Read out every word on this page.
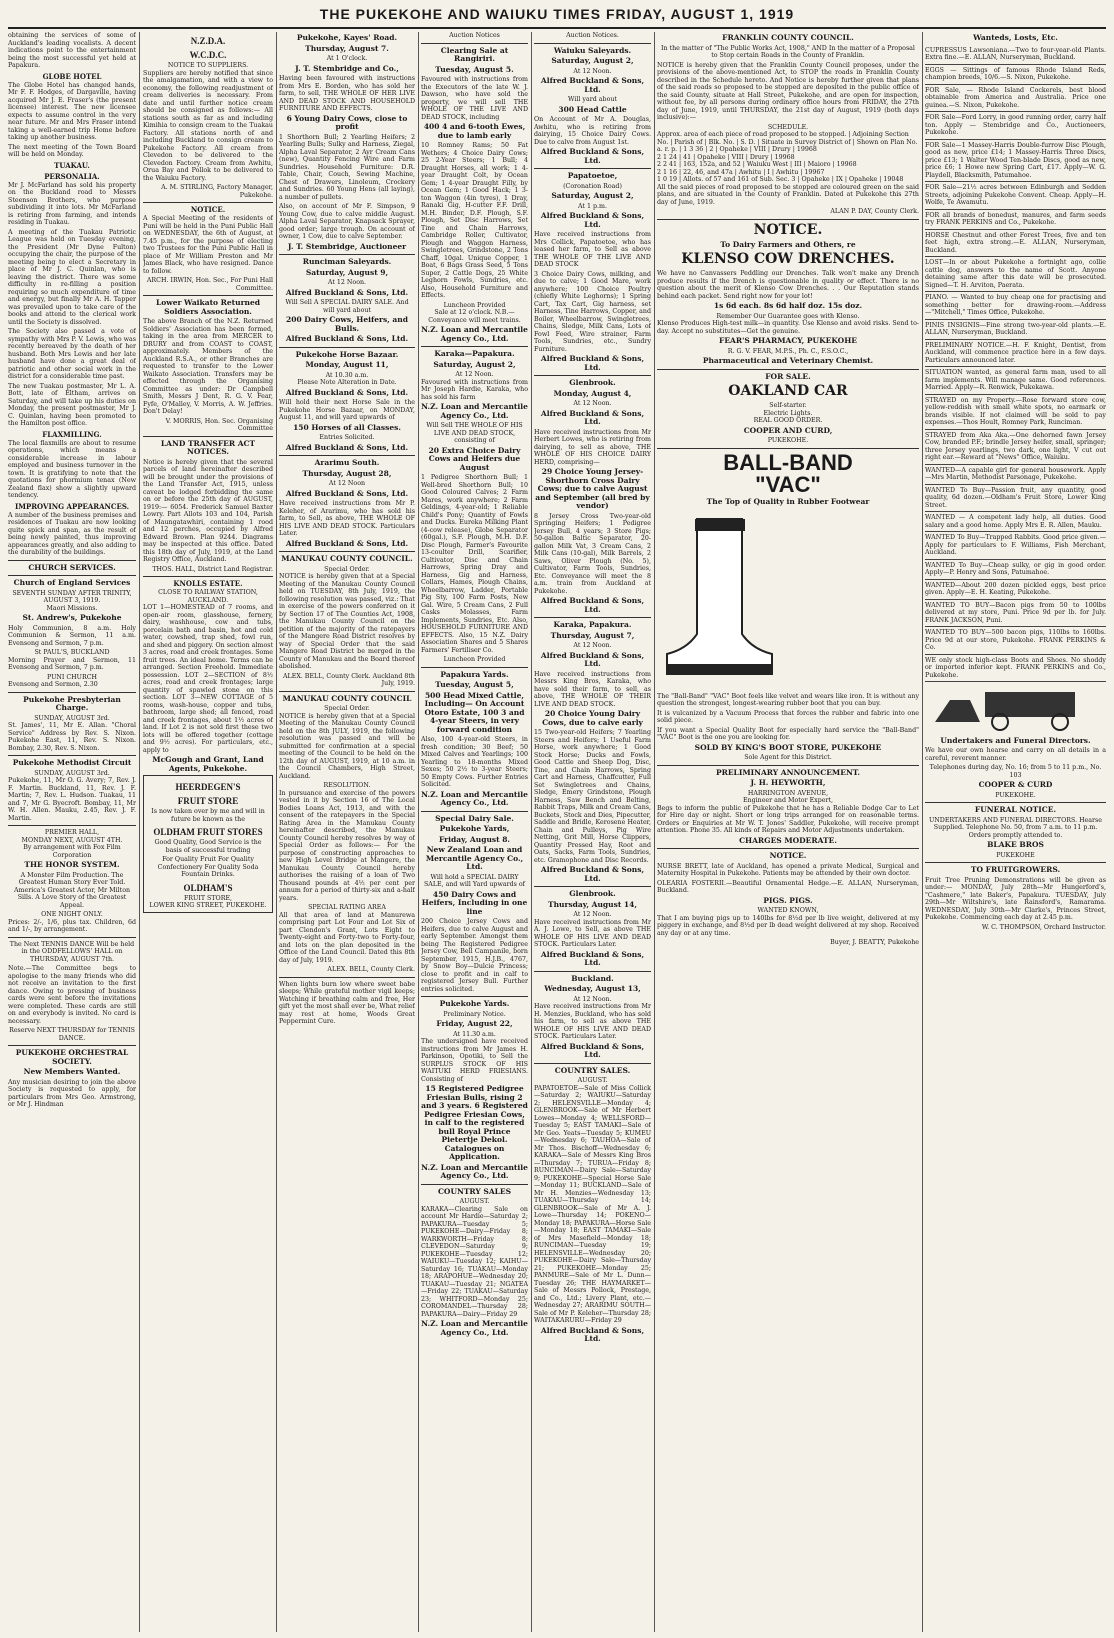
THE PUKEKOHE AND WAIUKU TIMES FRIDAY, AUGUST 1, 1919

obtaining the services of some of Auckland's leading vocalists. A decent indications point to the entertainment being the most successful yet held at Papakura.

GLOBE HOTEL

The Globe Hotel has changed hands, Mr F. F. Hodges, of Dargaville, having acquired Mr J. E. Fraser's (the present licensee) interest. The new licensee expects to assume control in the very near future. Mr and Mrs Fraser intend taking a well-earned trip Home before taking up another business.

The next meeting of the Town Board will be held on Monday.

TUAKAU.
PERSONALIA.

Mr J. McFarland has sold his property on the Buckland road to Messrs Steenson Brothers, who purpose subdividing it into lots. Mr McFarland is retiring from farming, and intends residing in Tuakau.

A meeting of the Tuakau Patriotic League was held on Tuesday evening, the President (Mr Dyne Fulton) occupying the chair, the purpose of the meeting being to elect a Secretary in place of Mr J. C. Quinlan, who is leaving the district. There was some difficulty in re-filling a position requiring so much expenditure of time and energy, but finally Mr A. H. Tapper was prevailed upon to take care of the books and attend to the clerical work until the Society is dissolved.

The Society also passed a vote of sympathy with Mrs P. V. Lewis, who was recently bereaved by the death of her husband. Both Mrs Lewis and her late husband have done a great deal of patriotic and other social work in the district for a considerable time past.

The new Tuakau postmaster, Mr L. A. Bott, late of Eltham, arrives on Saturday, and will take up his duties on Monday, the present postmaster, Mr J. C. Quinlan, having been promoted to the Hamilton post office.

FLAXMILLING.

The local flaxmills are about to resume operations, which means a considerable increase in labour employed and business turnover in the town. It is gratifying to note that the quotations for phormium tenax (New Zealand flax) show a slightly upward tendency.

IMPROVING APPEARANCES.

A number of the business premises and residences of Tuakau are now looking quite spick and span, as the result of being newly painted, thus improving appearances greatly, and also adding to the durability of the buildings.

CHURCH SERVICES.
Church of England Services
SEVENTH SUNDAY AFTER TRINITY, AUGUST 3, 1919.
Maori Missions.
St. Andrew's, Pukekohe

Holy Communion, 8 a.m. Holy Communion & Sermon, 11 a.m. Evensong and Sermon, 7 p.m.

St PAUL'S, BUCKLAND

Morning Prayer and Sermon, 11 Evensong and Sermon, 7 p.m.

PUNI CHURCH

Evensong and Sermon, 2.30

Pukekohe Presbyterian Charge.
SUNDAY, AUGUST 3rd.

St. James', 11, Mr E. Allan. "Choral Service" Address by Rev. S. Nixon. Pukekohe East, 11, Rev. S. Nixon. Bombay, 2.30, Rev. S. Nixon.

Pukekohe Methodist Circuit
SUNDAY, AUGUST 3rd.

Pukekohe, 11, Mr O. G. Avery; 7, Rev. J. F. Martin. Buckland, 11, Rev. J. F. Martin; 7, Rev. L. Hudson. Tuakau, 11 and 7, Mr G. Byecroft. Bombay, 11, Mr W. H. Allen. Mauku, 2.45, Rev. J. F. Martin.

PREMIER HALL,
MONDAY NEXT, AUGUST 4TH.
By arrangement with Fox Film Corporation
THE HONOR SYSTEM.

A Monster Film Production. The Greatest Human Story Ever Told. America's Greatest Actor, Mr Milton Sills. A Love Story of the Greatest Appeal.

ONE NIGHT ONLY.

Prices: 2/-, 1/6, plus tax. Children, 6d and 1/-, by arrangement.

The Next TENNIS DANCE Will be held in the ODDFELLOWS' HALL on THURSDAY, AUGUST 7th.

Note.—The Committee begs to apologise to the many friends who did not receive an invitation to the first dance. Owing to pressing of business cards were sent before the invitations were completed. These cards are still on and everybody is invited. No card is necessary.

Reserve NEXT THURSDAY for TENNIS DANCE.

PUKEKOHE ORCHESTRAL SOCIETY.
New Members Wanted.

Any musician desiring to join the above Society is requested to apply, for particulars from Mrs Geo. Armstrong, or Mr J. Hindman

N.Z.D.A.
W.C.D.C.
NOTICE TO SUPPLIERS.

Suppliers are hereby notified that since the amalgamation, and with a view to economy, the following readjustment of cream deliveries is necessary. From date and until further notice cream should be consigned as follows:— All stations south as far as and including Kimihia to consign cream to the Tuakau Factory. All stations north of and including Buckland to consign cream to Pukekohe Factory. All cream from Clevedon to be delivered to the Clevedon Factory. Cream from Awhitu, Orua Bay and Pollok to be delivered to the Waiuku Factory.

A. M. STIRLING, Factory Manager, Pukekohe.

NOTICE.

A Special Meeting of the residents of Puni will be held in the Puni Public Hall on WEDNESDAY, the 6th of August, at 7.45 p.m., for the purpose of electing two Trustees for the Puni Public Hall in place of Mr William Preston and Mr James Black, who have resigned. Dance to follow.

ARCH. IRWIN, Hon. Sec., For Puni Hall Committee.

Lower Waikato Returned Soldiers Association.

The above Branch of the N.Z. Returned Soldiers' Association has been formed, taking in the area from MERCER to DRURY and from COAST to COAST, approximately. Members of the Auckland R.S.A., or other Branches are requested to transfer to the Lower Waikato Association. Transfers may be effected through the Organising Committee as under: Dr Campbell Smith, Messrs J Dent, R. G. V. Fear, Fyfe, O'Malley, V. Morris, A. W. Jeffries. Don't Delay!

V. MORRIS, Hon. Sec. Organising Committee

LAND TRANSFER ACT NOTICES.

Notice is hereby given that the several parcels of land hereinafter described will be brought under the provisions of the Land Transfer Act, 1915, unless caveat be lodged forbidding the same on or before the 25th day of AUGUST, 1919:— 6054. Frederick Samuel Baxter Lowry. Part Allots 103 and 104, Parish of Maungatawhiri, containing 1 rood and 12 perches, occupied by Alfred Edward Brown. Plan 9244. Diagrams may be inspected at this office. Dated this 18th day of July, 1919, at the Land Registry Office, Auckland.

THOS. HALL, District Land Registrar.

KNOLLS ESTATE.
CLOSE TO RAILWAY STATION, AUCKLAND.

LOT 1—HOMESTEAD of 7 rooms, and open-air room, glasshouse, fernery, dairy, washhouse, cow and tubs, porcelain bath and basin, hot and cold water, cowshed, trap shed, fowl run, and shed and piggery. On section almost 3 acres, road and creek frontages. Some fruit trees. An ideal home. Terms can be arranged. Section Freehold. Immediate possession. LOT 2—SECTION of 8½ acres, road and creek frontages; large quantity of spawled stone on this section. LOT 3—NEW COTTAGE of 5 rooms, wash-house, copper and tubs, bathroom, large shed; all fenced, road and creek frontages, about 1½ acres of land. If Lot 2 is not sold first these two lots will be offered together (cottage and 9½ acres). For particulars, etc., apply to

McGough and Grant, Land Agents, Pukekohe.
HEERDEGEN'S
FRUIT STORE

Is now taken over by me and will in future be known as the

OLDHAM FRUIT STORES

Good Quality, Good Service is the basis of successful trading

For Quality Fruit For Quality Confectionery For Quality Soda Fountain Drinks.

OLDHAM'S
FRUIT STORE,
LOWER KING STREET, PUKEKOHE.
Pukekohe, Kayes' Road.
Thursday, August 7.
At 1 O'clock.
J. T. Stembridge and Co.,

Having been favoured with instructions from Mrs E. Borden, who has sold her farm, to sell, THE WHOLE OF HER LIVE AND DEAD STOCK AND HOUSEHOLD FURNITURE AND EFFECTS.

6 Young Dairy Cows, close to profit

1 Shorthorn Bull; 2 Yearling Heifers; 2 Yearling Bulls; Sulky and Harness, Ziegal, Alpha Laval Separator, 2 Ayr Cream Cans (new), Quantity Fencing Wire and Farm Sundries. Household Furniture: D.R. Table, Chair, Couch, Sewing Machine, Chest of Drawers, Linoleum, Crockery and Sundries. 60 Young Hens (all laying), a number of pullets.

Also, on account of Mr F. Simpson, 9 Young Cow, due to calve middle August. Alpha Laval Separator, Knapsack Sprayer, good order; large trough. On account of owner, 1 Cow, due to calve September.

J. T. Stembridge, Auctioneer
Runciman Saleyards.
Saturday, August 9,
At 12 Noon.
Alfred Buckland & Sons, Ltd.

Will Sell A SPECIAL DAIRY SALE. And will yard about

200 Dairy Cows, Heifers, and Bulls.
Alfred Buckland & Sons, Ltd.
Pukekohe Horse Bazaar.
Monday, August 11,
At 10.30 a.m.
Please Note Alteration in Date.
Alfred Buckland & Sons, Ltd.

Will hold their next Horse Sale in the Pukekohe Horse Bazaar, on MONDAY, August 11, and will yard upwards of

150 Horses of all Classes.
Entries Solicited.
Alfred Buckland & Sons, Ltd.
Ararimu South.
Thursday, August 28,
At 12 Noon
Alfred Buckland & Sons, Ltd.

Have received instructions from Mr P. Keleher, of Ararimu, who has sold his farm, to Sell, as above, THE WHOLE OF HIS LIVE AND DEAD STOCK. Particulars Later.

Alfred Buckland & Sons, Ltd.
MANUKAU COUNTY COUNCIL.
Special Order.

NOTICE is hereby given that at a Special Meeting of the Manukau County Council held on TUESDAY, 8th July, 1919, the following resolution was passed, viz.: That in exercise of the powers conferred on it by Section 17 of The Counties Act, 1908, the Manukau County Council on the petition of the majority of the ratepayers of the Mangere Road District resolves by way of Special Order that the said Mangere Road District be merged in the County of Manukau and the Board thereof abolished.

ALEX. BELL, County Clerk. Auckland 8th July, 1919.

MANUKAU COUNTY COUNCIL
Special Order.

NOTICE is hereby given that at a Special Meeting of the Manukau County Council held on the 8th JULY, 1919, the following resolution was passed and will be submitted for confirmation at a special meeting of the Council to be held on the 12th day of AUGUST, 1919, at 10 a.m. in the Council Chambers, High Street, Auckland.

RESOLUTION.

In pursuance and exercise of the powers vested in it by Section 16 of The Local Bodies Loans Act, 1913, and with the consent of the ratepayers in the Special Rating Area in the Manukau County hereinafter described, the Manukau County Council hereby resolves by way of Special Order as follows:— For the purpose of constructing approaches to new High Level Bridge at Mangere, the Manukau County Council hereby authorises the raising of a loan of Two Thousand pounds at 4½ per cent per annum for a period of thirty-six and a-half years.

SPECIAL RATING AREA

All that area of land at Manurewa comprising part Lot Four and Lot Six of part Clendon's Grant, Lots Eight to Twenty-eight and Forty-two to Forty-four, and lots on the plan deposited in the Office of the Land Council. Dated this 8th day of July, 1919.

ALEX. BELL, County Clerk.

When lights burn low where sweet babe sleeps; While grateful mother vigil keeps; Watching if breathing calm and free, Her gift yet the most shall ever be, What relief may rest at home, Woods Great Peppermint Cure.

Auction Notices
Clearing Sale at Rangiriri.
Tuesday, August 5.

Favoured with instructions from the Executors of the late W. J. Dawson, who have sold the property, we will sell THE WHOLE OF THE LIVE AND DEAD STOCK, including

400 4 and 6-tooth Ewes, due to lamb early

10 Romney Rams; 50 Fat Wethers; 4 Choice Dairy Cows; 25 2-Year Steers; 1 Bull; 4 Draught Horses, all work; 1 4-year Draught Colt, by Ocean Gem; 1 4-year Draught Filly, by Ocean Gem; 1 Good Hack; 1 3-ton Waggon (4in tyres), 1 Dray, Ranaki Gig, H-cutter F.F. Drill, M.H. Binder, D.F. Plough, S.F. Plough, Set Disc Harrows, Set Tine and Chain Harrows, Cambridge Roller, Cultivator, Plough and Waggon Harness, Swingletrees, Grindstone, 2 Tons Chaff, 10gal. Unique Copper, 1 Boat, 6 Bags Grass Seed, 5 Tons Super, 2 Cattle Dogs, 25 White Leghorn Fowls, Sundries, etc. Also, Household Furniture and Effects.

Luncheon Provided

Sale at 12 o'clock. N.B.—Conveyance will meet trains.

N.Z. Loan and Mercantile Agency Co., Ltd.
Karaka—Papakura.
Saturday, August 2,
At 12 Noon.

Favoured with instructions from Mr Joseph Hardie, Karaka, who has sold his farm

N.Z. Loan and Mercantile Agency Co., Ltd.

Will Sell THE WHOLE OF HIS LIVE AND DEAD STOCK, consisting of

20 Extra Choice Dairy Cows and Heifers due August

1 Pedigree Shorthorn Bull; 1 Well-bred Shorthorn Bull; 10 Good Coloured Calves; 2 Farm Mares, work anywhere; 2 Farm Geldings, 4-year-old; 1 Reliable Child's Pony; Quantity of Fowls and Ducks. Eureka Milking Plant (4-cow release), Globe Separator (60gal.), S.F. Plough, M.H. D.F. Disc Plough, Farmer's Favourite 13-coulter Drill, Scarifier, Cultivator, Disc and Chain Harrows, Spring Dray and Harness, Gig and Harness, Collars, Hames, Plough Chains, Wheelbarrow, Ladder, Portable Pig Sty, 100 Farm Posts, New Gal. Wire, 5 Cream Cans, 2 Full Casks Molasses, Farm Implements, Sundries, Etc. Also, HOUSEHOLD FURNITURE AND EFFECTS. Also, 15 N.Z. Dairy Association Shares and 5 Shares Farmers' Fertiliser Co.

Luncheon Provided
Papakura Yards.
Tuesday, August 5,
500 Head Mixed Cattle, Including— On Account Otoro Estate, 100 3 and 4-year Steers, in very forward condition

Also, 100 4-year-old Steers, in fresh condition; 30 Beef; 50 Mixed Calves and Yearlings; 100 Yearling to 18-months Mixed Sexes; 50 2½ to 3-year Steers; 50 Empty Cows. Further Entries Solicited.

N.Z. Loan and Mercantile Agency Co., Ltd.
Special Dairy Sale.
Pukekohe Yards,
Friday, August 8.
New Zealand Loan and Mercantile Agency Co., Ltd.

Will hold a SPECIAL DAIRY SALE, and will Yard upwards of

450 Dairy Cows and Heifers, Including in one line

200 Choice Jersey Cows and Heifers, due to calve August and early September. Amongst them being The Registered Pedigree Jersey Cow, Bell Campanile, born September, 1915, H.J.B., 4767, by Snow Boy—Dulcie Princess; close to profit and in calf to registered Jersey Bull. Further entries solicited.

Pukekohe Yards.
Preliminary Notice.
Friday, August 22,
At 11.30 a.m.

The undersigned have received instructions from Mr James H. Parkinson, Opotiki, to Sell the SURPLUS STOCK OF HIS WAITUKI HERD FRIESIANS. Consisting of

15 Registered Pedigree Friesian Bulls, rising 2 and 3 years. 6 Registered Pedigree Friesian Cows, in calf to the registered bull Royal Prince Pietertje Dekol. Catalogues on Application.
N.Z. Loan and Mercantile Agency Co., Ltd.
COUNTRY SALES
AUGUST.

KARAKA—Clearing Sale on account Mr Hardie—Saturday 2; PAPAKURA—Tuesday 5; PUKEKOHE—Dairy—Friday 8; WARKWORTH—Friday 8; CLEVEDON—Saturday 9; PUKEKOHE—Tuesday 12; WAIUKU—Tuesday 12; KAIHU—Saturday 16; TUAKAU—Monday 18; ARAPOHUE—Wednesday 20; TUAKAU—Tuesday 21; NGATEA—Friday 22; TUAKAU—Saturday 23; WHITFORD—Monday 25; COROMANDEL—Thursday 28; PAPAKURA—Dairy—Friday 29

N.Z. Loan and Mercantile Agency Co., Ltd.
Auction Notices.
Waiuku Saleyards.
Saturday, August 2,
At 12 Noon.
Alfred Buckland & Sons, Ltd.
Will yard about
300 Head Cattle

On Account of Mr A. Douglas, Awhitu, who is retiring from dairying, 15 Choice Dairy Cows. Due to calve from August 1st.

Alfred Buckland & Sons, Ltd.
Papatoetoe,
(Coronation Road)
Saturday, August 2,
At 1 p.m.
Alfred Buckland & Sons, Ltd.

Have received instructions from Mrs Collick, Papatoetoe, who has leased her farm, to Sell as above THE WHOLE OF THE LIVE AND DEAD STOCK

3 Choice Dairy Cows, milking, and due to calve; 1 Good Mare, work anywhere; 100 Choice Poultry (chiefly White Leghorns); 1 Spring Cart, Tax Cart, Gig harness, set Harness, Tine Harrows, Copper, and Boiler, Wheelbarrow, Swingletrees, Chains, Sledge, Milk Cans, Lots of Fowl Feed, Wire strainer, Farm Tools, Sundries, etc., Sundry Furniture.

Alfred Buckland & Sons, Ltd.
Glenbrook.
Monday, August 4,
At 12 Noon.
Alfred Buckland & Sons, Ltd.

Have received instructions from Mr Herbert Lowes, who is retiring from dairying, to sell as above, THE WHOLE OF HIS CHOICE DAIRY HERD, comprising—

29 Choice Young Jersey-Shorthorn Cross Dairy Cows; due to calve August and September (all bred by vendor)

8 Jersey Cross Two-year-old Springing Heifers; 1 Pedigree Jersey Bull, 4 years; 3 Store Pigs; 50-gallon Baltic Separator, 20-gallon Milk Vat, 3 Cream Cans, 2 Milk Cans (10-gal), Milk Barrels, 2 Saws, Oliver Plough (No. 5), Cultivator, Farm Tools, Sundries, Etc. Conveyance will meet the 8 a.m. train from Auckland at Pukekohe.

Alfred Buckland & Sons, Ltd.
Karaka, Papakura.
Thursday, August 7,
At 12 Noon.
Alfred Buckland & Sons, Ltd.

Have received instructions from Messrs King Bros, Karaka, who have sold their farm, to sell, as above, THE WHOLE OF THEIR LIVE AND DEAD STOCK.

20 Choice Young Dairy Cows, due to calve early

15 Two-year-old Heifers; 7 Yearling Steers and Heifers; 1 Useful Farm Horse, work anywhere; 1 Good Stock Horse; Ducks and Fowls, Good Cattle and Sheep Dog, Disc, Tine, and Chain Harrows, Spring Cart and Harness, Chaffcutter, Full Set Swingletrees and Chains, Sledge, Emery Grindstone, Plough Harness, Saw Bench and Belting, Rabbit Traps, Milk and Cream Cans, Buckets, Stock and Dies, Pipecutter, Saddle and Bridle, Kerosene Heater, Chain and Pulleys, Pig Wire Netting, Grit Mill, Horse Clippers, Quantity Pressed Hay, Root and Oats, Sacks, Farm Tools, Sundries, etc. Gramophone and Disc Records.

Alfred Buckland & Sons, Ltd.
Glenbrook.
Thursday, August 14,
At 12 Noon.

Have received instructions from Mr A. J. Lowe, to Sell, as above THE WHOLE OF HIS LIVE AND DEAD STOCK. Particulars Later.

Alfred Buckland & Sons, Ltd.
Buckland.
Wednesday, August 13,
At 12 Noon.

Have received instructions from Mr H. Menzies, Buckland, who has sold his farm, to sell as above THE WHOLE OF HIS LIVE AND DEAD STOCK. Particulars Later.

Alfred Buckland & Sons, Ltd.
COUNTRY SALES.
AUGUST.

PAPATOETOE—Sale of Miss Collick—Saturday 2; WAIUKU—Saturday 2; HELENSVILLE—Monday 4; GLENBROOK—Sale of Mr Herbert Lowes—Monday 4; WELLSFORD—Tuesday 5; EAST TAMAKI—Sale of Mr Geo. Yeats—Tuesday 5; KUMEU—Wednesday 6; TAUHOA—Sale of Mr Thos. Bischoff—Wednesday 6; KARAKA—Sale of Messrs King Bros—Thursday 7; TURUA—Friday 8; RUNCIMAN—Dairy Sale—Saturday 9; PUKEKOHE—Special Horse Sale—Monday 11; BUCKLAND—Sale of Mr H. Menzies—Wednesday 13; TUAKAU—Thursday 14; GLENBROOK—Sale of Mr A. J. Lowe—Thursday 14; POKENO—Monday 18; PAPAKURA—Horse Sale—Monday 18; EAST TAMAKI—Sale of Mrs Masefield—Monday 18; RUNCIMAN—Tuesday 19; HELENSVILLE—Wednesday 20; PUKEKOHE—Dairy Sale—Thursday 21; PUKEKOHE—Monday 25; PANMURE—Sale of Mr L. Dunn—Tuesday 26; THE HAYMARKET—Sale of Messrs Pollock, Prestage, and Co., Ltd.; Livery Plant, etc.—Wednesday 27; ARARIMU SOUTH—Sale of Mr P. Keleher—Thursday 28; WAITAKARURU—Friday 29

Alfred Buckland & Sons, Ltd.
FRANKLIN COUNTY COUNCIL.

In the matter of "The Public Works Act, 1908," AND In the matter of a Proposal to Stop certain Roads in the County of Franklin.

NOTICE is hereby given that the Franklin County Council proposes, under the provisions of the above-mentioned Act, to STOP the roads in Franklin County described in the Schedule hereto. And Notice is hereby further given that plans of the said roads so proposed to be stopped are deposited in the public office of the said County, situate at Hall Street, Pukekohe, and are open for inspection, without fee, by all persons during ordinary office hours from FRIDAY, the 27th day of June, 1919, until THURSDAY, the 21st day of August, 1919 (both days inclusive):—

SCHEDULE.
Approx. area of each piece of road proposed to be stopped. | Adjoining Section No. | Parish of | Blk. No. | S. D. | Situate in Survey District of | Shown on Plan No.
a. r. p. | 1 3 36 | 2 | Opaheke | VIII | Drury | 19968
2 1 24 | 41 | Opaheke | VIII | Drury | 19968
2 2 41 | 163, 152a, and 52 | Waiuku West | III | Maioro | 19968
2 1 16 | 22, 46, and 47a | Awhitu | I | Awhitu | 19967
1 0 19 | Allots. of 57 and 161 of Sub. Sec. 3 | Opaheke | IX | Opaheke | 19048

All the said pieces of road proposed to be stopped are coloured green on the said plans, and are situated in the County of Franklin. Dated at Pukekohe this 27th day of June, 1919.

ALAN P. DAY, County Clerk.

NOTICE.
To Dairy Farmers and Others, re
KLENSO COW DRENCHES.

We have no Canvassers Peddling our Drenches. Talk won't make any Drench produce results if the Drench is questionable in quality or effect. There is no question about the merit of Klenso Cow Drenches. . . Our Reputation stands behind each packet. Send right now for your lot!

1s 6d each. 8s 6d half doz. 15s doz.
Remember Our Guarantee goes with Klenso.

Klenso Produces High-test milk—in quantity. Use Klenso and avoid risks. Send to-day. Accept no substitutes—Get the genuine.

FEAR'S PHARMACY, PUKEKOHE
R. G. V. FEAR, M.P.S., Ph. C., F.S.O.C.,
Pharmaceutical and Veterinary Chemist.
FOR SALE.
OAKLAND CAR
Self-starter.
Electric Lights.
REAL GOOD ORDER.
COOPER AND CURD,
PUKEKOHE.
BALL-BAND
"VAC"
The Top of Quality in Rubber Footwear

The "Ball-Band" "VAC" Boot feels like velvet and wears like iron. It is without any question the strongest, longest-wearing rubber boot that you can buy.

It is vulcanized by a Vacuum Process that forces the rubber and fabric into one solid piece.

If you want a Special Quality Boot for especially hard service the "Ball-Band" "VAC" Boot is the one you are looking for.

SOLD BY KING'S BOOT STORE, PUKEKOHE
Sole Agent for this District.
PRELIMINARY ANNOUNCEMENT.
J. H. HEYWORTH,
HARRINGTON AVENUE,
Engineer and Motor Expert,

Begs to inform the public of Pukekohe that he has a Reliable Dodge Car to Let for Hire day or night. Short or long trips arranged for on reasonable terms. Orders or Enquiries at Mr W. T. Jones' Saddler, Pukekohe, will receive prompt attention. Phone 35. All kinds of Repairs and Motor Adjustments undertaken.

CHARGES MODERATE.
NOTICE.

NURSE BRETT, late of Auckland, has opened a private Medical, Surgical and Maternity Hospital in Pukekohe. Patients may be attended by their own doctor.

OLEARIA FOSTERII.—Beautiful Ornamental Hedge.—E. ALLAN, Nurseryman, Buckland.

PIGS. PIGS.
WANTED KNOWN,

That I am buying pigs up to 140lbs for 8½d per lb live weight, delivered at my piggery in exchange, and 8½d per lb dead weight delivered at my shop. Received any day or at any time.

Buyer, J. BEATTY, Pukekohe

Wanteds, Losts, Etc.

CUPRESSUS Lawsoniana.—Two to four-year-old Plants. Extra fine.—E. ALLAN, Nurseryman, Buckland.

EGGS — Sittings of famous Rhode Island Reds, champion breeds, 10/6.—S. Nixon, Pukekohe.

FOR Sale, — Rhode Island Cockerels, best blood obtainable from America and Australia. Price one guinea.—S. Nixon, Pukekohe.

FOR Sale—Ford Lorry, in good running order, carry half ton. Apply — Stembridge and Co., Auctioneers, Pukekohe.

FOR Sale—1 Massey-Harris Double-furrow Disc Plough, good as new, price £14; 1 Massey-Harris Three Discs, price £13; 1 Walter Wood Ten-blade Discs, good as new, price £6; 1 Howe new Spring Cart, £17. Apply—W. G. Playdell, Blacksmith, Patumahoe.

FOR Sale—21½ acres between Edinburgh and Sedden Streets, adjoining Pukekohe Convent. Cheap. Apply—H. Wolfe, Te Awamutu.

FOR all brands of bonedust, manures, and farm seeds try FRANK PERKINS and Co., Pukekohe.

HORSE Chestnut and other Forest Trees, five and ten feet high, extra strong.—E. ALLAN, Nurseryman, Buckland.

LOST—In or about Pukekohe a fortnight ago, collie cattle dog, answers to the name of Scott. Anyone detaining same after this date will be prosecuted. Signed—T. H. Arviton, Paerata.

PIANO. — Wanted to buy cheap one for practising and something better for drawing-room.—Address—"Mitchell," Times Office, Pukekohe.

PINIS INSIGNIS—Fine strong two-year-old plants.—E. ALLAN, Nurseryman, Buckland.

PRELIMINARY NOTICE.—H. F. Knight, Dentist, from Auckland, will commence practice here in a few days. Particulars announced later.

SITUATION wanted, as general farm man, used to all farm implements. Will manage same. Good references. Married. Apply—R. Renwick, Pukekawa.

STRAYED on my Property.—Rose forward store cow, yellow-reddish with small white spots, no earmark or brands visible. If not claimed will be sold to pay expenses.—Thos Hoult, Romney Park, Runciman.

STRAYED from Aka Aka.—One dehorned fawn Jersey Cow, branded P.F.; brindle Jersey heifer, small, springer; three Jersey yearlings, two dark, one light, V cut out right ear.—Reward at "News" Office, Waiuku.

WANTED—A capable girl for general housework. Apply—Mrs Martin, Methodist Parsonage, Pukekohe.

WANTED To Buy—Passion fruit, any quantity, good quality, 6d dozen.—Oldham's Fruit Store, Lower King Street.

WANTED — A competent lady help, all duties. Good salary and a good home. Apply Mrs E. R. Allen, Mauku.

WANTED To Buy—Trapped Rabbits. Good price given.—Apply for particulars to F. Williams, Fish Merchant, Auckland.

WANTED To Buy—Cheap sulky, or gig in good order. Apply—P. Henry and Sons, Patumahoe.

WANTED—About 200 dozen pickled eggs, best price given. Apply—E. H. Keating, Pukekohe.

WANTED TO BUY—Bacon pigs from 50 to 100lbs delivered at my store, Puni. Price 9d per lb. for July. FRANK JACKSON, Puni.

WANTED TO BUY—500 bacon pigs, 110lbs to 160lbs. Price 9d at our store, Pukekohe. FRANK PERKINS & Co.

WE only stock high-class Boots and Shoes. No shoddy or imported inferior kept. FRANK PERKINS and Co., Pukekohe.

Undertakers and Funeral Directors.

We have our own hearse and carry on all details in a careful, reverent manner.

Telephones during day, No. 16; from 5 to 11 p.m., No. 103

COOPER & CURD
PUKEKOHE.
FUNERAL NOTICE.

UNDERTAKERS AND FUNERAL DIRECTORS. Hearse Supplied. Telephone No. 50, from 7 a.m. to 11 p.m. Orders promptly attended to.

BLAKE BROS
PUKEKOHE
TO FRUITGROWERS.

Fruit Tree Pruning Demonstrations will be given as under:— MONDAY, July 28th—Mr Hungerford's, "Cashmere," late Baker's, Papakura. TUESDAY, July 29th—Mr Wiltshire's, late Rainsford's, Ramarama. WEDNESDAY, July 30th—Mr Clarke's, Princes Street, Pukekohe. Commencing each day at 2.45 p.m.

W. C. THOMPSON, Orchard Instructor.
